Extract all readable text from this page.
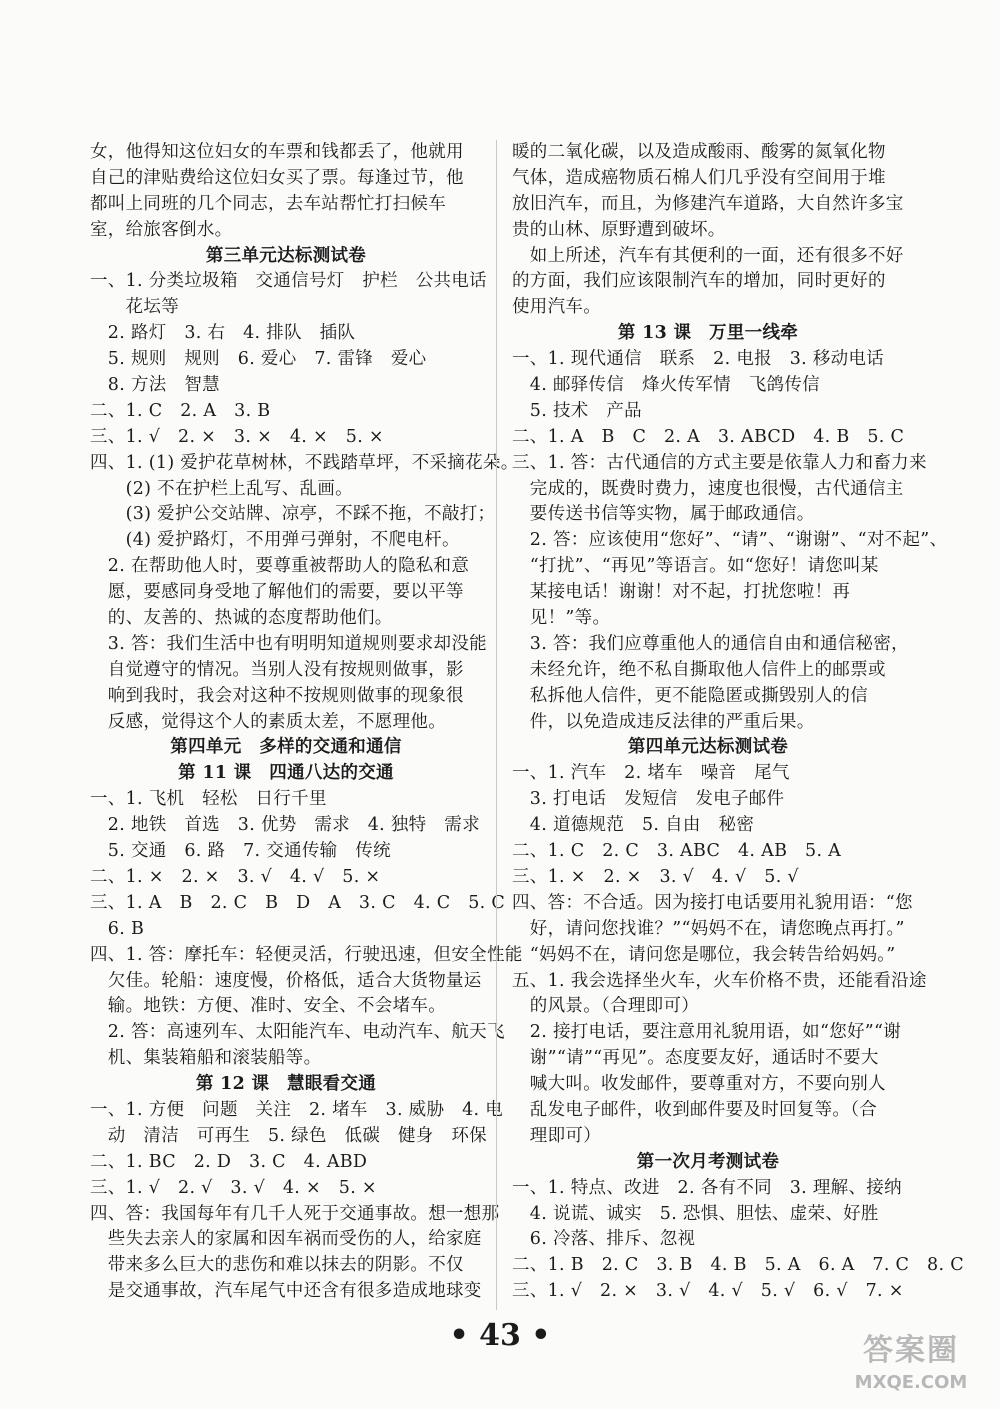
女，他得知这位妇女的车票和钱都丢了，他就用
自己的津贴费给这位妇女买了票。每逢过节，他
都叫上同班的几个同志，去车站帮忙打扫候车
室，给旅客倒水。
第三单元达标测试卷
一、1. 分类垃圾箱　交通信号灯　护栏　公共电话
　　花坛等
　2. 路灯　3. 右　4. 排队　插队
　5. 规则　规则　6. 爱心　7. 雷锋　爱心
　8. 方法　智慧
二、1. C　2. A　3. B
三、1. √　2. ×　3. ×　4. ×　5. ×
四、1. (1) 爱护花草树林，不践踏草坪，不采摘花朵。
　　(2) 不在护栏上乱写、乱画。
　　(3) 爱护公交站牌、凉亭，不踩不拖，不敲打；
　　(4) 爱护路灯，不用弹弓弹射，不爬电杆。
　2. 在帮助他人时，要尊重被帮助人的隐私和意
　愿，要感同身受地了解他们的需要，要以平等
　的、友善的、热诚的态度帮助他们。
　3. 答：我们生活中也有明明知道规则要求却没能
　自觉遵守的情况。当别人没有按规则做事，影
　响到我时，我会对这种不按规则做事的现象很
　反感，觉得这个人的素质太差，不愿理他。
第四单元　多样的交通和通信
第 11 课　四通八达的交通
一、1. 飞机　轻松　日行千里
　2. 地铁　首选　3. 优势　需求　4. 独特　需求
　5. 交通　6. 路　7. 交通传输　传统
二、1. ×　2. ×　3. √　4. √　5. ×
三、1. A　B　2. C　B　D　A　3. C　4. C　5. C
　6. B
四、1. 答：摩托车：轻便灵活，行驶迅速，但安全性能
　欠佳。轮船：速度慢，价格低，适合大货物量运
　输。地铁：方便、准时、安全、不会堵车。
　2. 答：高速列车、太阳能汽车、电动汽车、航天飞
　机、集装箱船和滚装船等。
第 12 课　慧眼看交通
一、1. 方便　问题　关注　2. 堵车　3. 威胁　4. 电
　动　清洁　可再生　5. 绿色　低碳　健身　环保
二、1. BC　2. D　3. C　4. ABD
三、1. √　2. √　3. √　4. ×　5. ×
四、答：我国每年有几千人死于交通事故。想一想那
　些失去亲人的家属和因车祸而受伤的人，给家庭
　带来多么巨大的悲伤和难以抹去的阴影。不仅
　是交通事故，汽车尾气中还含有很多造成地球变
暖的二氧化碳，以及造成酸雨、酸雾的氮氧化物
气体，造成癌物质石棉人们几乎没有空间用于堆
放旧汽车，而且，为修建汽车道路，大自然许多宝
贵的山林、原野遭到破坏。
　如上所述，汽车有其便利的一面，还有很多不好
的方面，我们应该限制汽车的增加，同时更好的
使用汽车。
第 13 课　万里一线牵
一、1. 现代通信　联系　2. 电报　3. 移动电话
　4. 邮驿传信　烽火传军情　飞鸽传信
　5. 技术　产品
二、1. A　B　C　2. A　3. ABCD　4. B　5. C
三、1. 答：古代通信的方式主要是依靠人力和畜力来
　完成的，既费时费力，速度也很慢，古代通信主
　要传送书信等实物，属于邮政通信。
　2. 答：应该使用“您好”、“请”、“谢谢”、“对不起”、
　“打扰”、“再见”等语言。如“您好！请您叫某
　某接电话！谢谢！对不起，打扰您啦！再
　见！”等。
　3. 答：我们应尊重他人的通信自由和通信秘密，
　未经允许，绝不私自撕取他人信件上的邮票或
　私拆他人信件，更不能隐匿或撕毁别人的信
　件，以免造成违反法律的严重后果。
第四单元达标测试卷
一、1. 汽车　2. 堵车　噪音　尾气
　3. 打电话　发短信　发电子邮件
　4. 道德规范　5. 自由　秘密
二、1. C　2. C　3. ABC　4. AB　5. A
三、1. ×　2. ×　3. √　4. √　5. √
四、答：不合适。因为接打电话要用礼貌用语：“您
　好，请问您找谁？”“妈妈不在，请您晚点再打。”
　“妈妈不在，请问您是哪位，我会转告给妈妈。”
五、1. 我会选择坐火车，火车价格不贵，还能看沿途
　的风景。（合理即可）
　2. 接打电话，要注意用礼貌用语，如“您好”“谢
　谢”“请”“再见”。态度要友好，通话时不要大
　喊大叫。收发邮件，要尊重对方，不要向别人
　乱发电子邮件，收到邮件要及时回复等。（合
　理即可）
第一次月考测试卷
一、1. 特点、改进　2. 各有不同　3. 理解、接纳
　4. 说谎、诚实　5. 恐惧、胆怯、虚荣、好胜
　6. 冷落、排斥、忽视
二、1. B　2. C　3. B　4. B　5. A　6. A　7. C　8. C
三、1. √　2. ×　3. √　4. √　5. √　6. √　7. ×
• 43 •	答案圈
MXQE.COM
